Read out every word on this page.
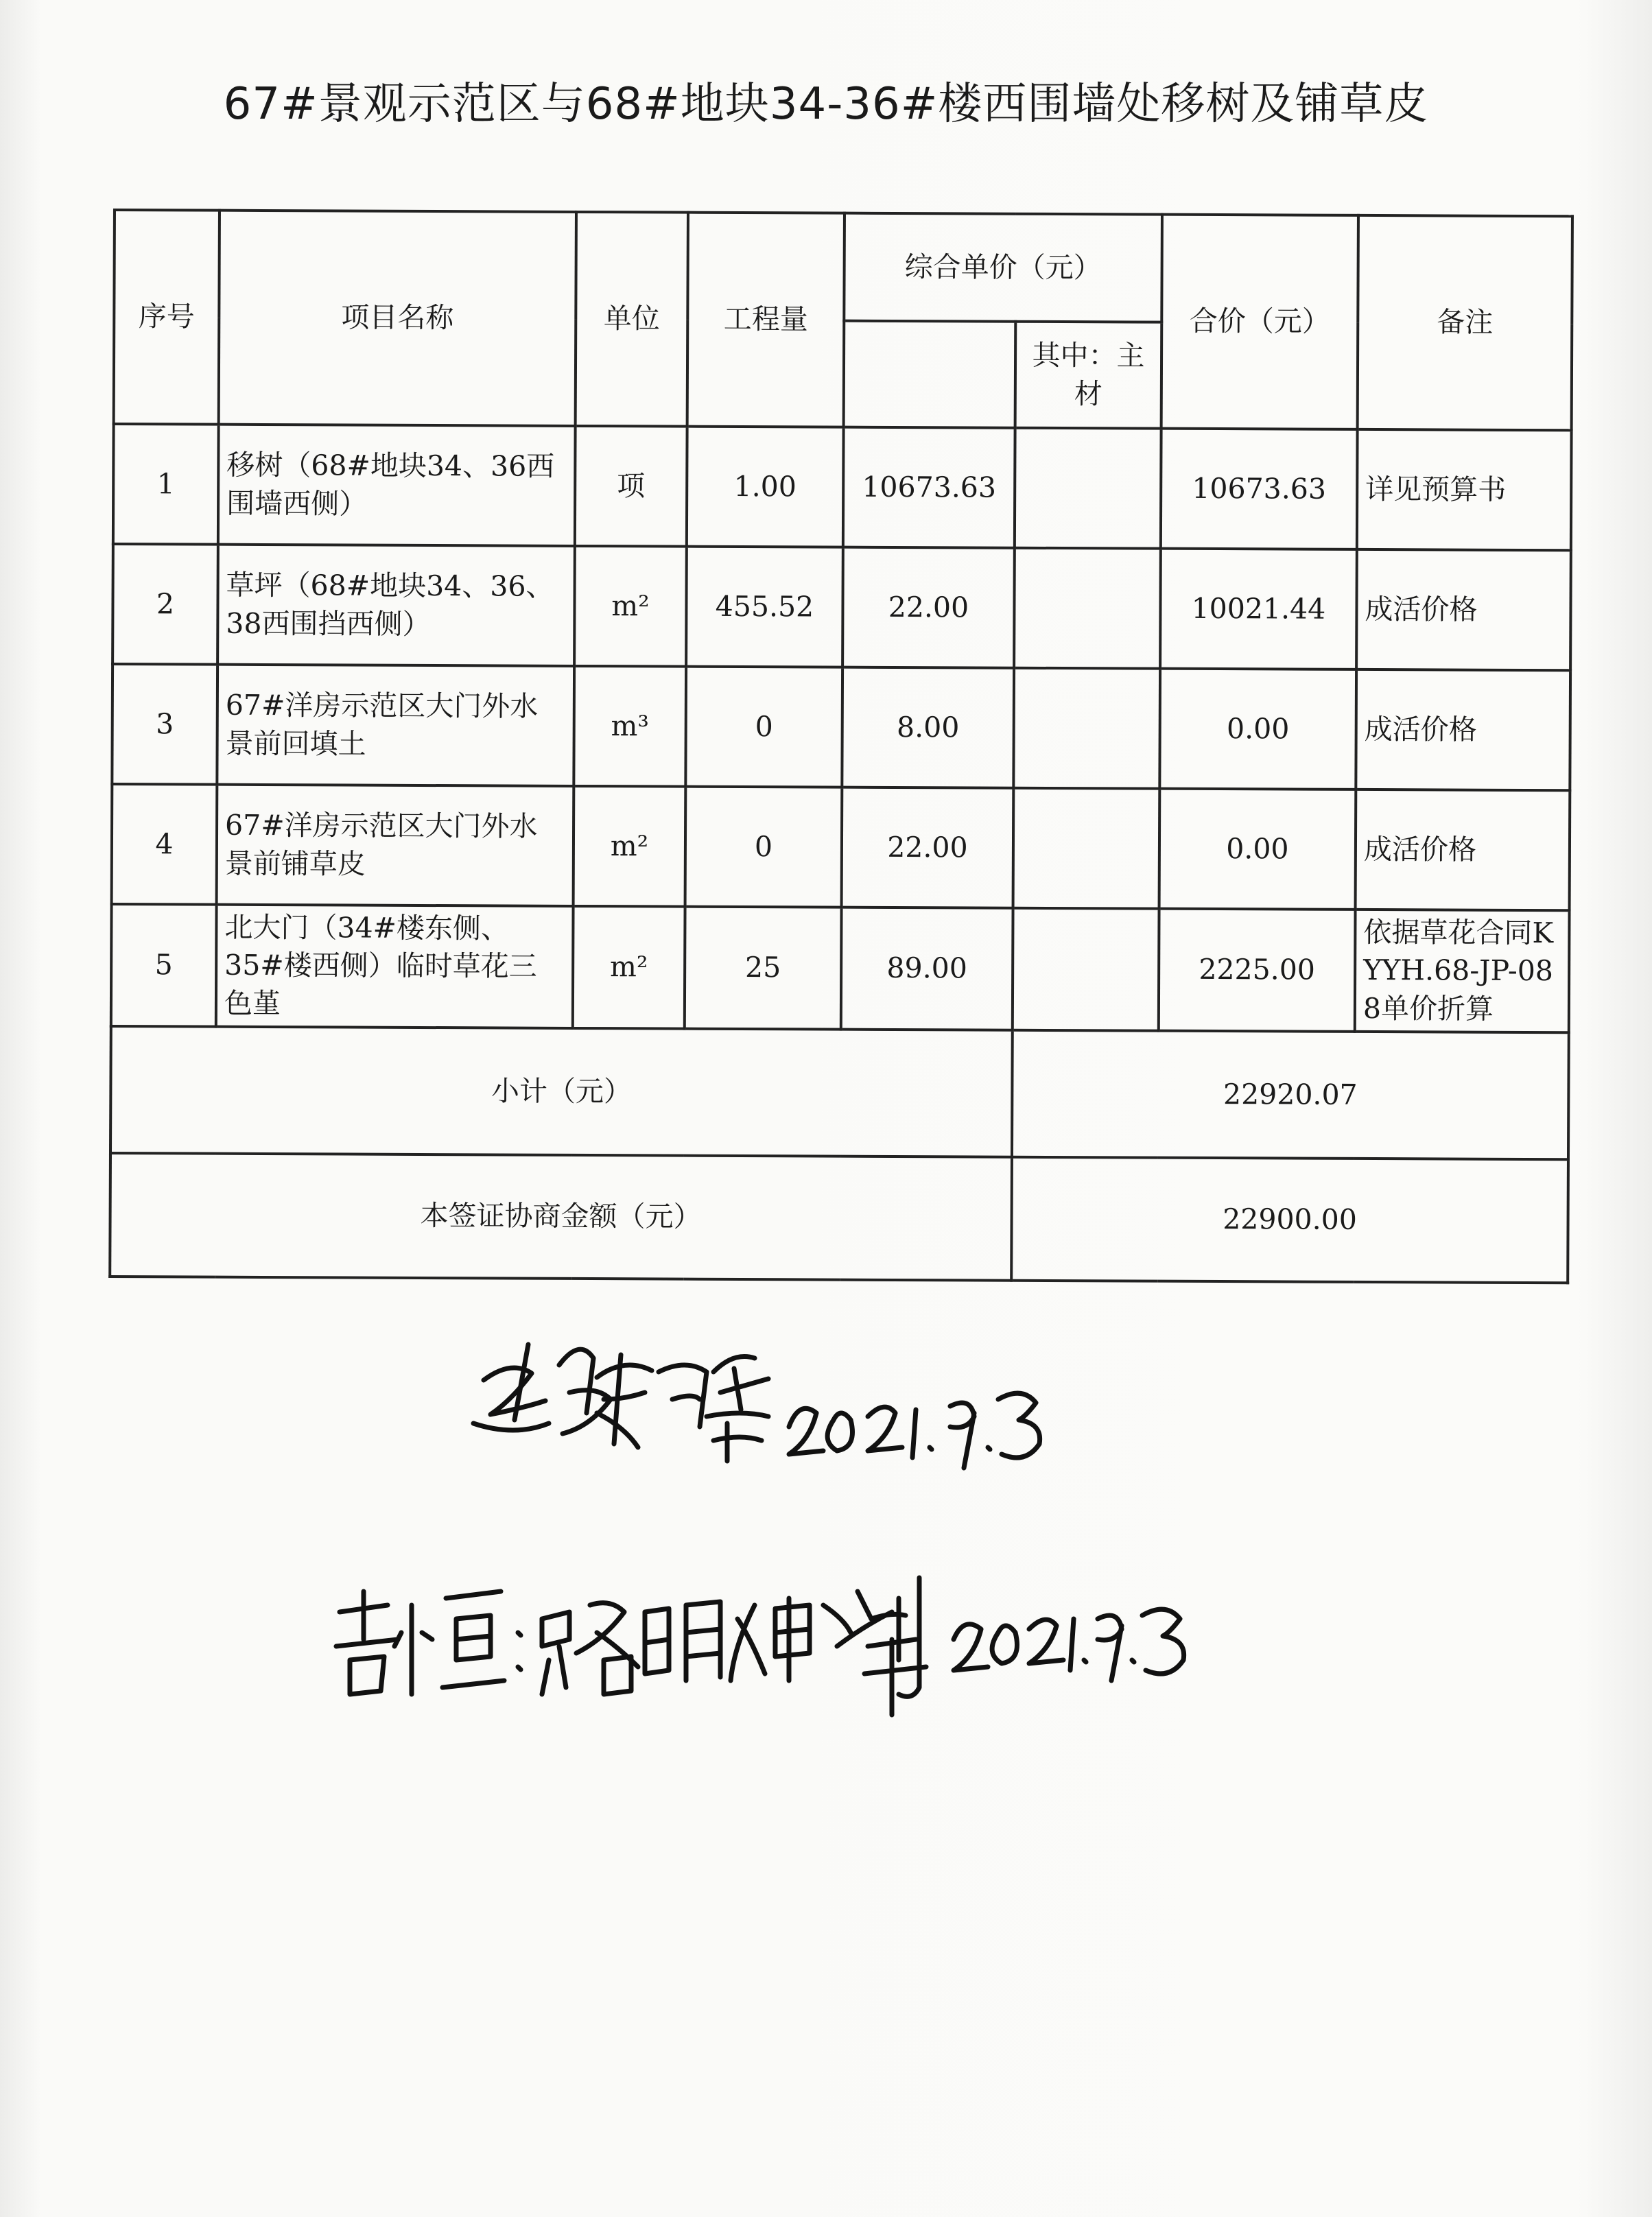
67#景观示范区与68#地块34-36#楼西围墙处移树及铺草皮
序号	项目名称	单位	工程量	综合单价（元）		合价（元）	备注
					其中：主材		
1	移树（68#地块34、36西围墙西侧）	项	1.00	10673.63		10673.63	详见预算书
2	草坪（68#地块34、36、38西围挡西侧）	m²	455.52	22.00		10021.44	成活价格
3	67#洋房示范区大门外水景前回填土	m³	0	8.00		0.00	成活价格
4	67#洋房示范区大门外水景前铺草皮	m²	0	22.00		0.00	成活价格
5	北大门（34#楼东侧、35#楼西侧）临时草花三色堇	m²	25	89.00		2225.00	依据草花合同KYYH.68-JP-088单价折算
小计（元）					22920.07		
本签证协商金额（元）					22900.00		
